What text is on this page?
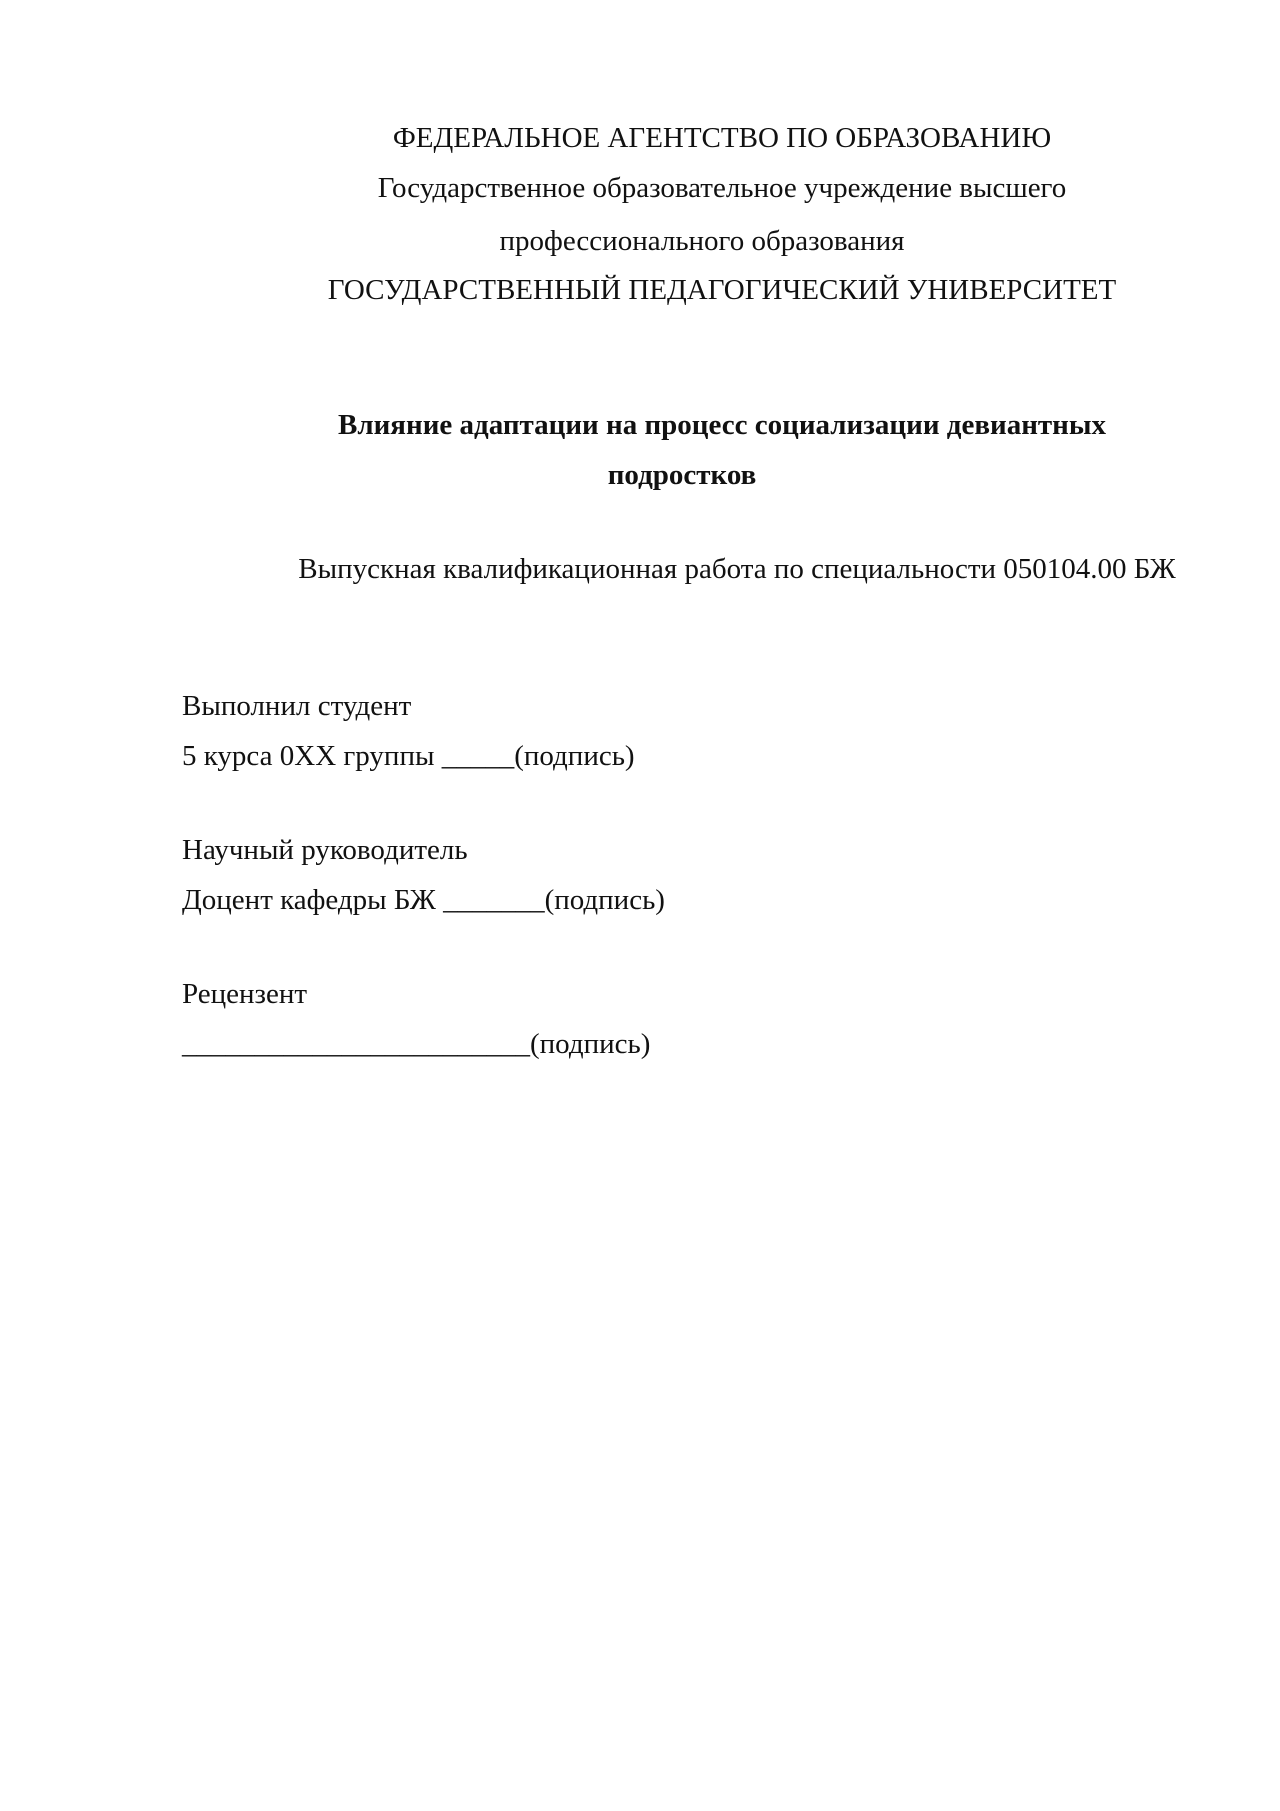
ФЕДЕРАЛЬНОЕ АГЕНТСТВО ПО ОБРАЗОВАНИЮ
Государственное образовательное учреждение высшего
профессионального образования
ГОСУДАРСТВЕННЫЙ ПЕДАГОГИЧЕСКИЙ УНИВЕРСИТЕТ
Влияние адаптации на процесс социализации девиантных
подростков
Выпускная квалификационная работа по специальности 050104.00 БЖ
Выполнил студент
5 курса 0XX группы _____(подпись)
Научный руководитель
Доцент кафедры БЖ _______(подпись)
Рецензент
________________________(подпись)
